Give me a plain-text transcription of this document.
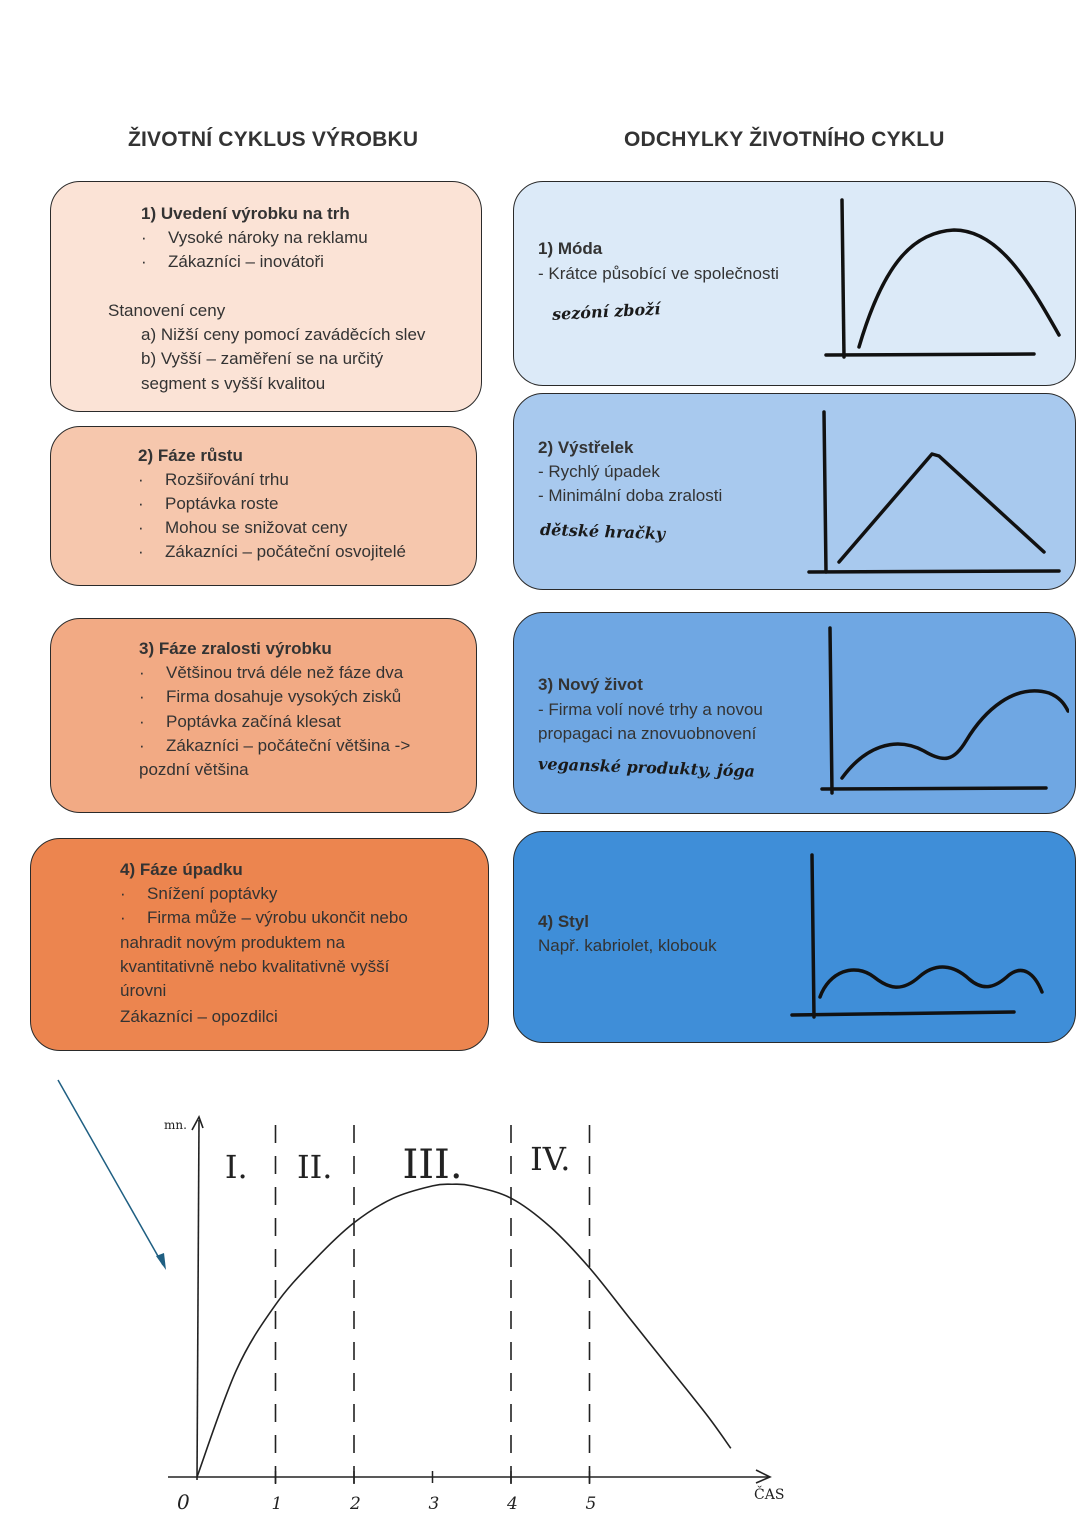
ŽIVOTNÍ CYKLUS VÝROBKU	ODCHYLKY ŽIVOTNÍHO CYKLU
1) Uvedení výrobku na trh
· Vysoké nároky na reklamu
· Zákazníci – inovátoři
Stanovení ceny
a) Nižší ceny pomocí zaváděcích slev
b) Vyšší – zaměření se na určitý
segment s vyšší kvalitou
2) Fáze růstu
· Rozšiřování trhu
· Poptávka roste
· Mohou se snižovat ceny
· Zákazníci – počáteční osvojitelé
3) Fáze zralosti výrobku
· Většinou trvá déle než fáze dva
· Firma dosahuje vysokých zisků
· Poptávka začíná klesat
· Zákazníci – počáteční většina ->
pozdní většina
4) Fáze úpadku
· Snížení poptávky
· Firma může – výrobu ukončit nebo
nahradit novým produktem na
kvantitativně nebo kvalitativně vyšší
úrovni
Zákazníci – opozdilci
1) Móda
- Krátce působící ve společnosti
sezóní zboží
2) Výstřelek
- Rychlý úpadek
- Minimální doba zralosti
dětské hračky
3) Nový život
- Firma volí nové trhy a novou
propagaci na znovuobnovení
veganské produkty, jóga
4) Styl
Např. kabriolet, klobouk
mn.
ČAS
0	1	2	3	4	5
I. II. III. IV.
